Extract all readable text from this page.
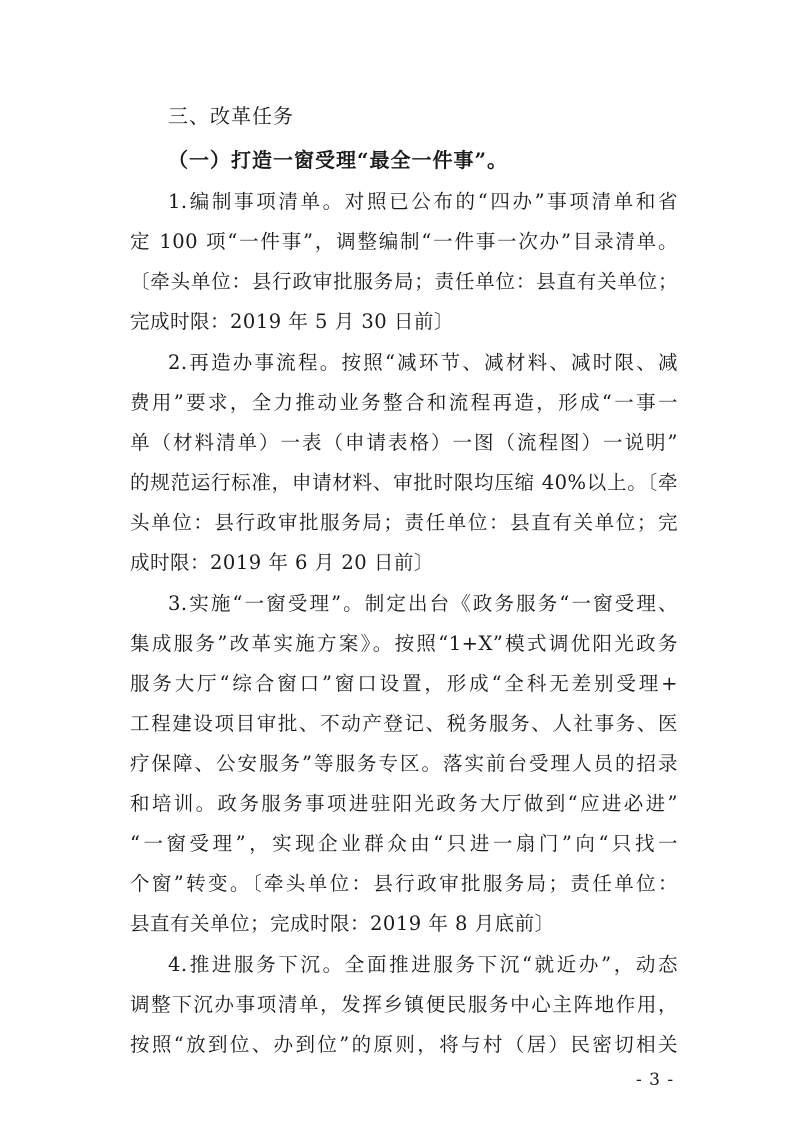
三、改革任务
（一）打造一窗受理“最全一件事”。
1.编制事项清单。对照已公布的“四办”事项清单和省
定 100 项“一件事”，调整编制“一件事一次办”目录清单。
〔牵头单位：县行政审批服务局；责任单位：县直有关单位；
完成时限：2019 年 5 月 30 日前〕
2.再造办事流程。按照“减环节、减材料、减时限、减
费用”要求，全力推动业务整合和流程再造，形成“一事一
单（材料清单）一表（申请表格）一图（流程图）一说明”
的规范运行标准，申请材料、审批时限均压缩 40%以上。〔牵
头单位：县行政审批服务局；责任单位：县直有关单位；完
成时限：2019 年 6 月 20 日前〕
3.实施“一窗受理”。制定出台《政务服务“一窗受理、
集成服务”改革实施方案》。按照“1+X”模式调优阳光政务
服务大厅“综合窗口”窗口设置，形成“全科无差别受理+
工程建设项目审批、不动产登记、税务服务、人社事务、医
疗保障、公安服务”等服务专区。落实前台受理人员的招录
和培训。政务服务事项进驻阳光政务大厅做到“应进必进”
“一窗受理”，实现企业群众由“只进一扇门”向“只找一
个窗”转变。〔牵头单位：县行政审批服务局；责任单位：
县直有关单位；完成时限：2019 年 8 月底前〕
4.推进服务下沉。全面推进服务下沉“就近办”，动态
调整下沉办事项清单，发挥乡镇便民服务中心主阵地作用，
- 3 -
按照“放到位、办到位”的原则，将与村（居）民密切相关
